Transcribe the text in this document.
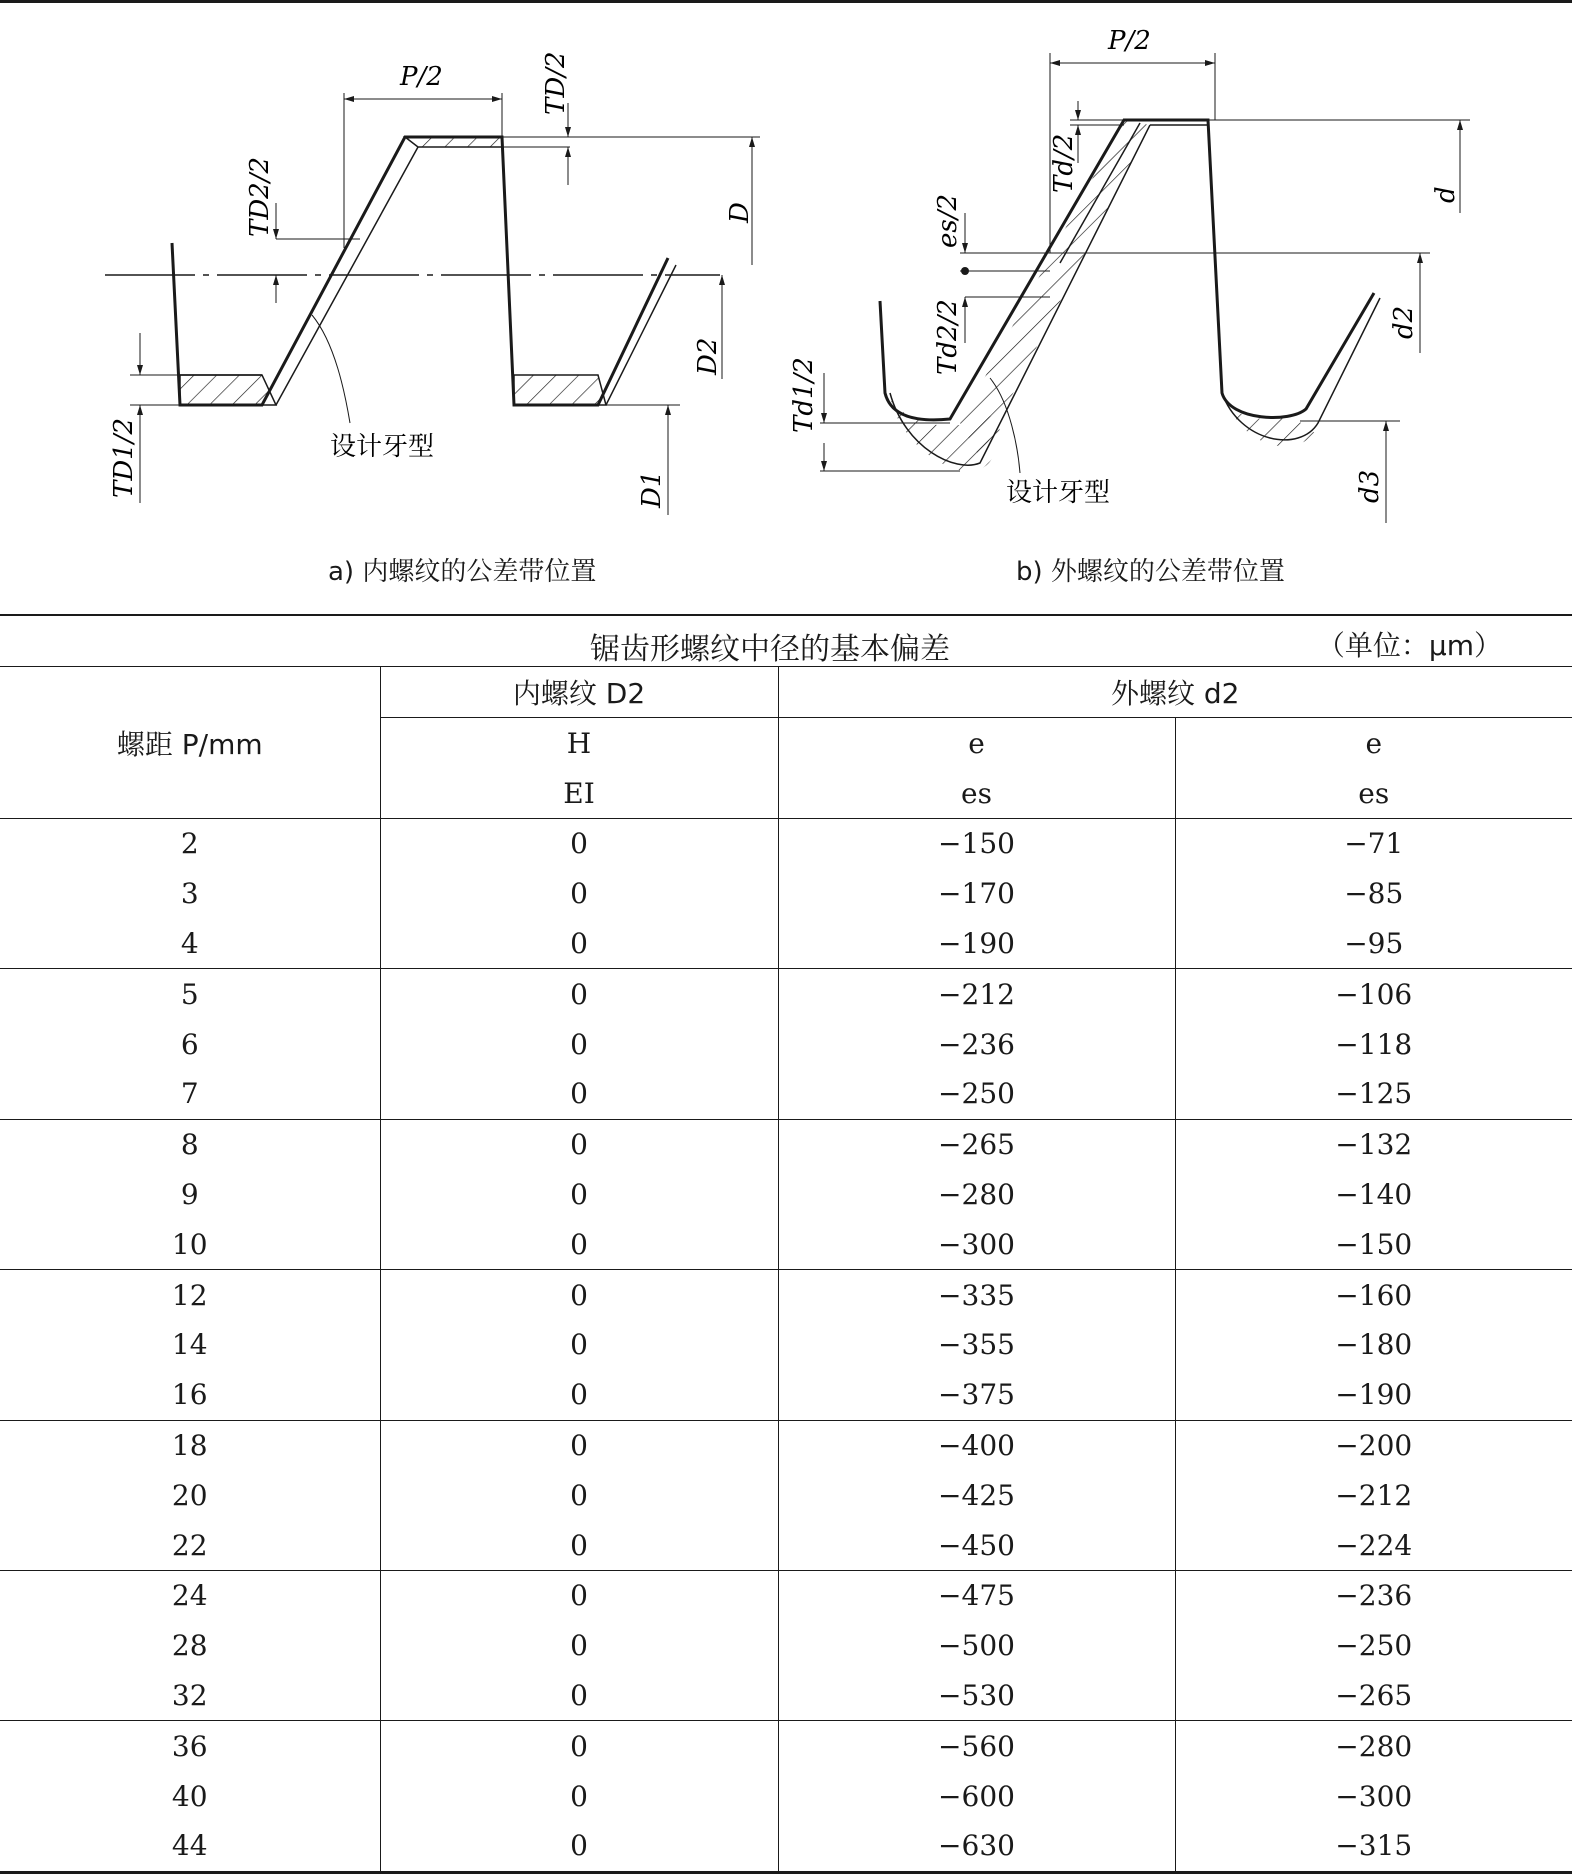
P/2	TD/2
TD2/2	D
D2
TD1/2	D1
设计牙型
P/2
Td/2
es/2	d
Td2/2	d2
Td1/2
d3
设计牙型
a) 内螺纹的公差带位置	b) 外螺纹的公差带位置
锯齿形螺纹中径的基本偏差	（单位：μm）
螺距 P/mm	内螺纹 D2	外螺纹 d2	
	H	e	e
	EI	es	es
2	0	−150	−71
3	0	−170	−85
4	0	−190	−95
5	0	−212	−106
6	0	−236	−118
7	0	−250	−125
8	0	−265	−132
9	0	−280	−140
10	0	−300	−150
12	0	−335	−160
14	0	−355	−180
16	0	−375	−190
18	0	−400	−200
20	0	−425	−212
22	0	−450	−224
24	0	−475	−236
28	0	−500	−250
32	0	−530	−265
36	0	−560	−280
40	0	−600	−300
44	0	−630	−315
